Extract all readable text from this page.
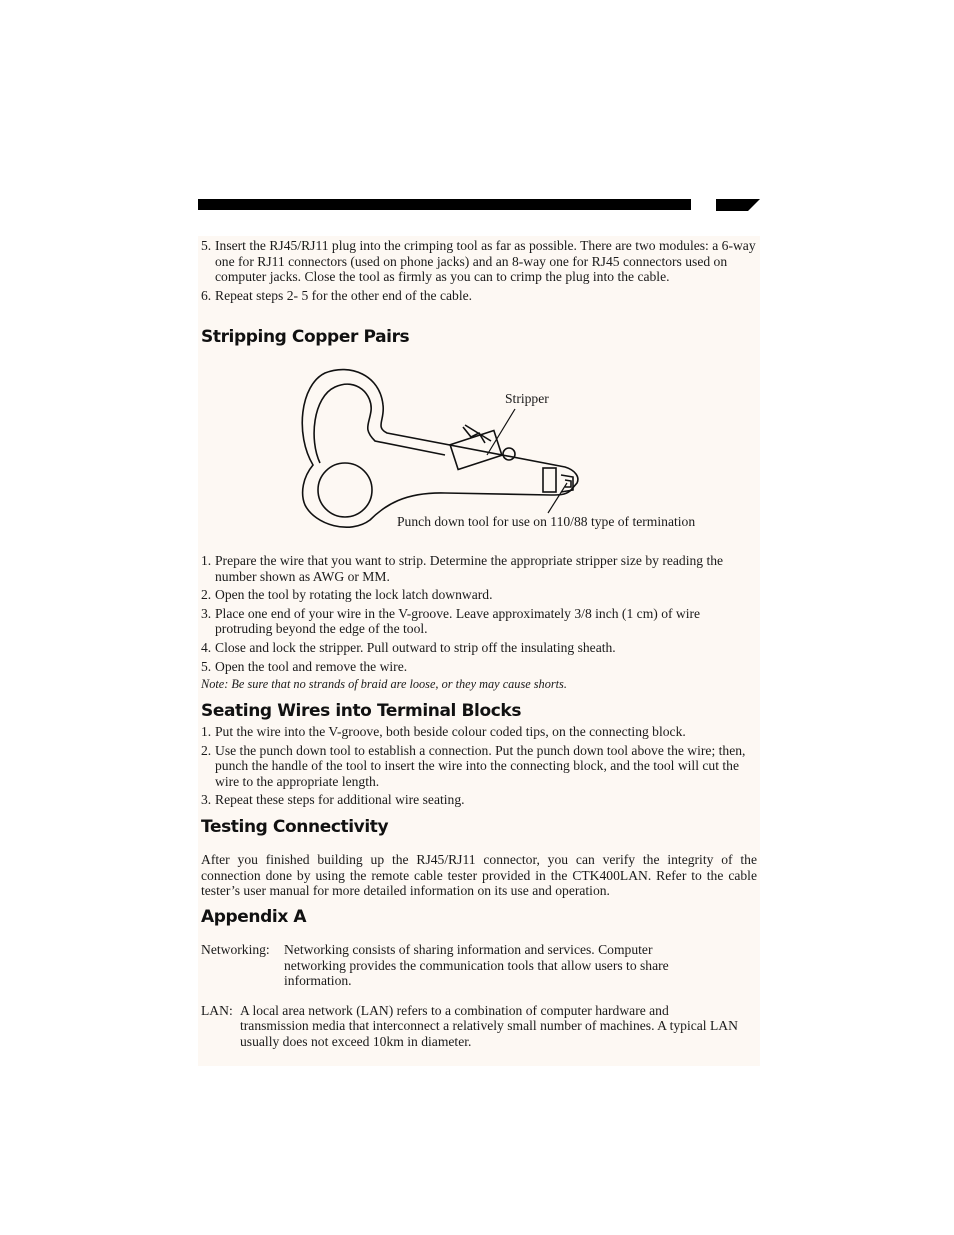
5. Insert the RJ45/RJ11 plug into the crimping tool as far as possible. There are two modules: a 6-way one for RJ11 connectors (used on phone jacks) and an 8-way one for RJ45 connectors used on computer jacks. Close the tool as firmly as you can to crimp the plug into the cable.
6. Repeat steps 2- 5 for the other end of the cable.
Stripping Copper Pairs
Stripper
Punch down tool for use on 110/88 type of termination
1. Prepare the wire that you want to strip. Determine the appropriate stripper size by reading the number shown as AWG or MM.
2. Open the tool by rotating the lock latch downward.
3. Place one end of your wire in the V-groove. Leave approximately 3/8 inch (1 cm) of wire protruding beyond the edge of the tool.
4. Close and lock the stripper. Pull outward to strip off the insulating sheath.
5. Open the tool and remove the wire.
Note: Be sure that no strands of braid are loose, or they may cause shorts.
Seating Wires into Terminal Blocks
1. Put the wire into the V-groove, both beside colour coded tips, on the connecting block.
2. Use the punch down tool to establish a connection. Put the punch down tool above the wire; then, punch the handle of the tool to insert the wire into the connecting block, and the tool will cut the wire to the appropriate length.
3. Repeat these steps for additional wire seating.
Testing Connectivity

After you finished building up the RJ45/RJ11 connector, you can verify the integrity of the connection done by using the remote cable tester provided in the CTK400LAN. Refer to the cable tester’s user manual for more detailed information on its use and operation.

Appendix A
Networking: Networking consists of sharing information and services. Computer networking provides the communication tools that allow users to share information.
LAN: A local area network (LAN) refers to a combination of computer hardware and transmission media that interconnect a relatively small number of machines. A typical LAN usually does not exceed 10km in diameter.
